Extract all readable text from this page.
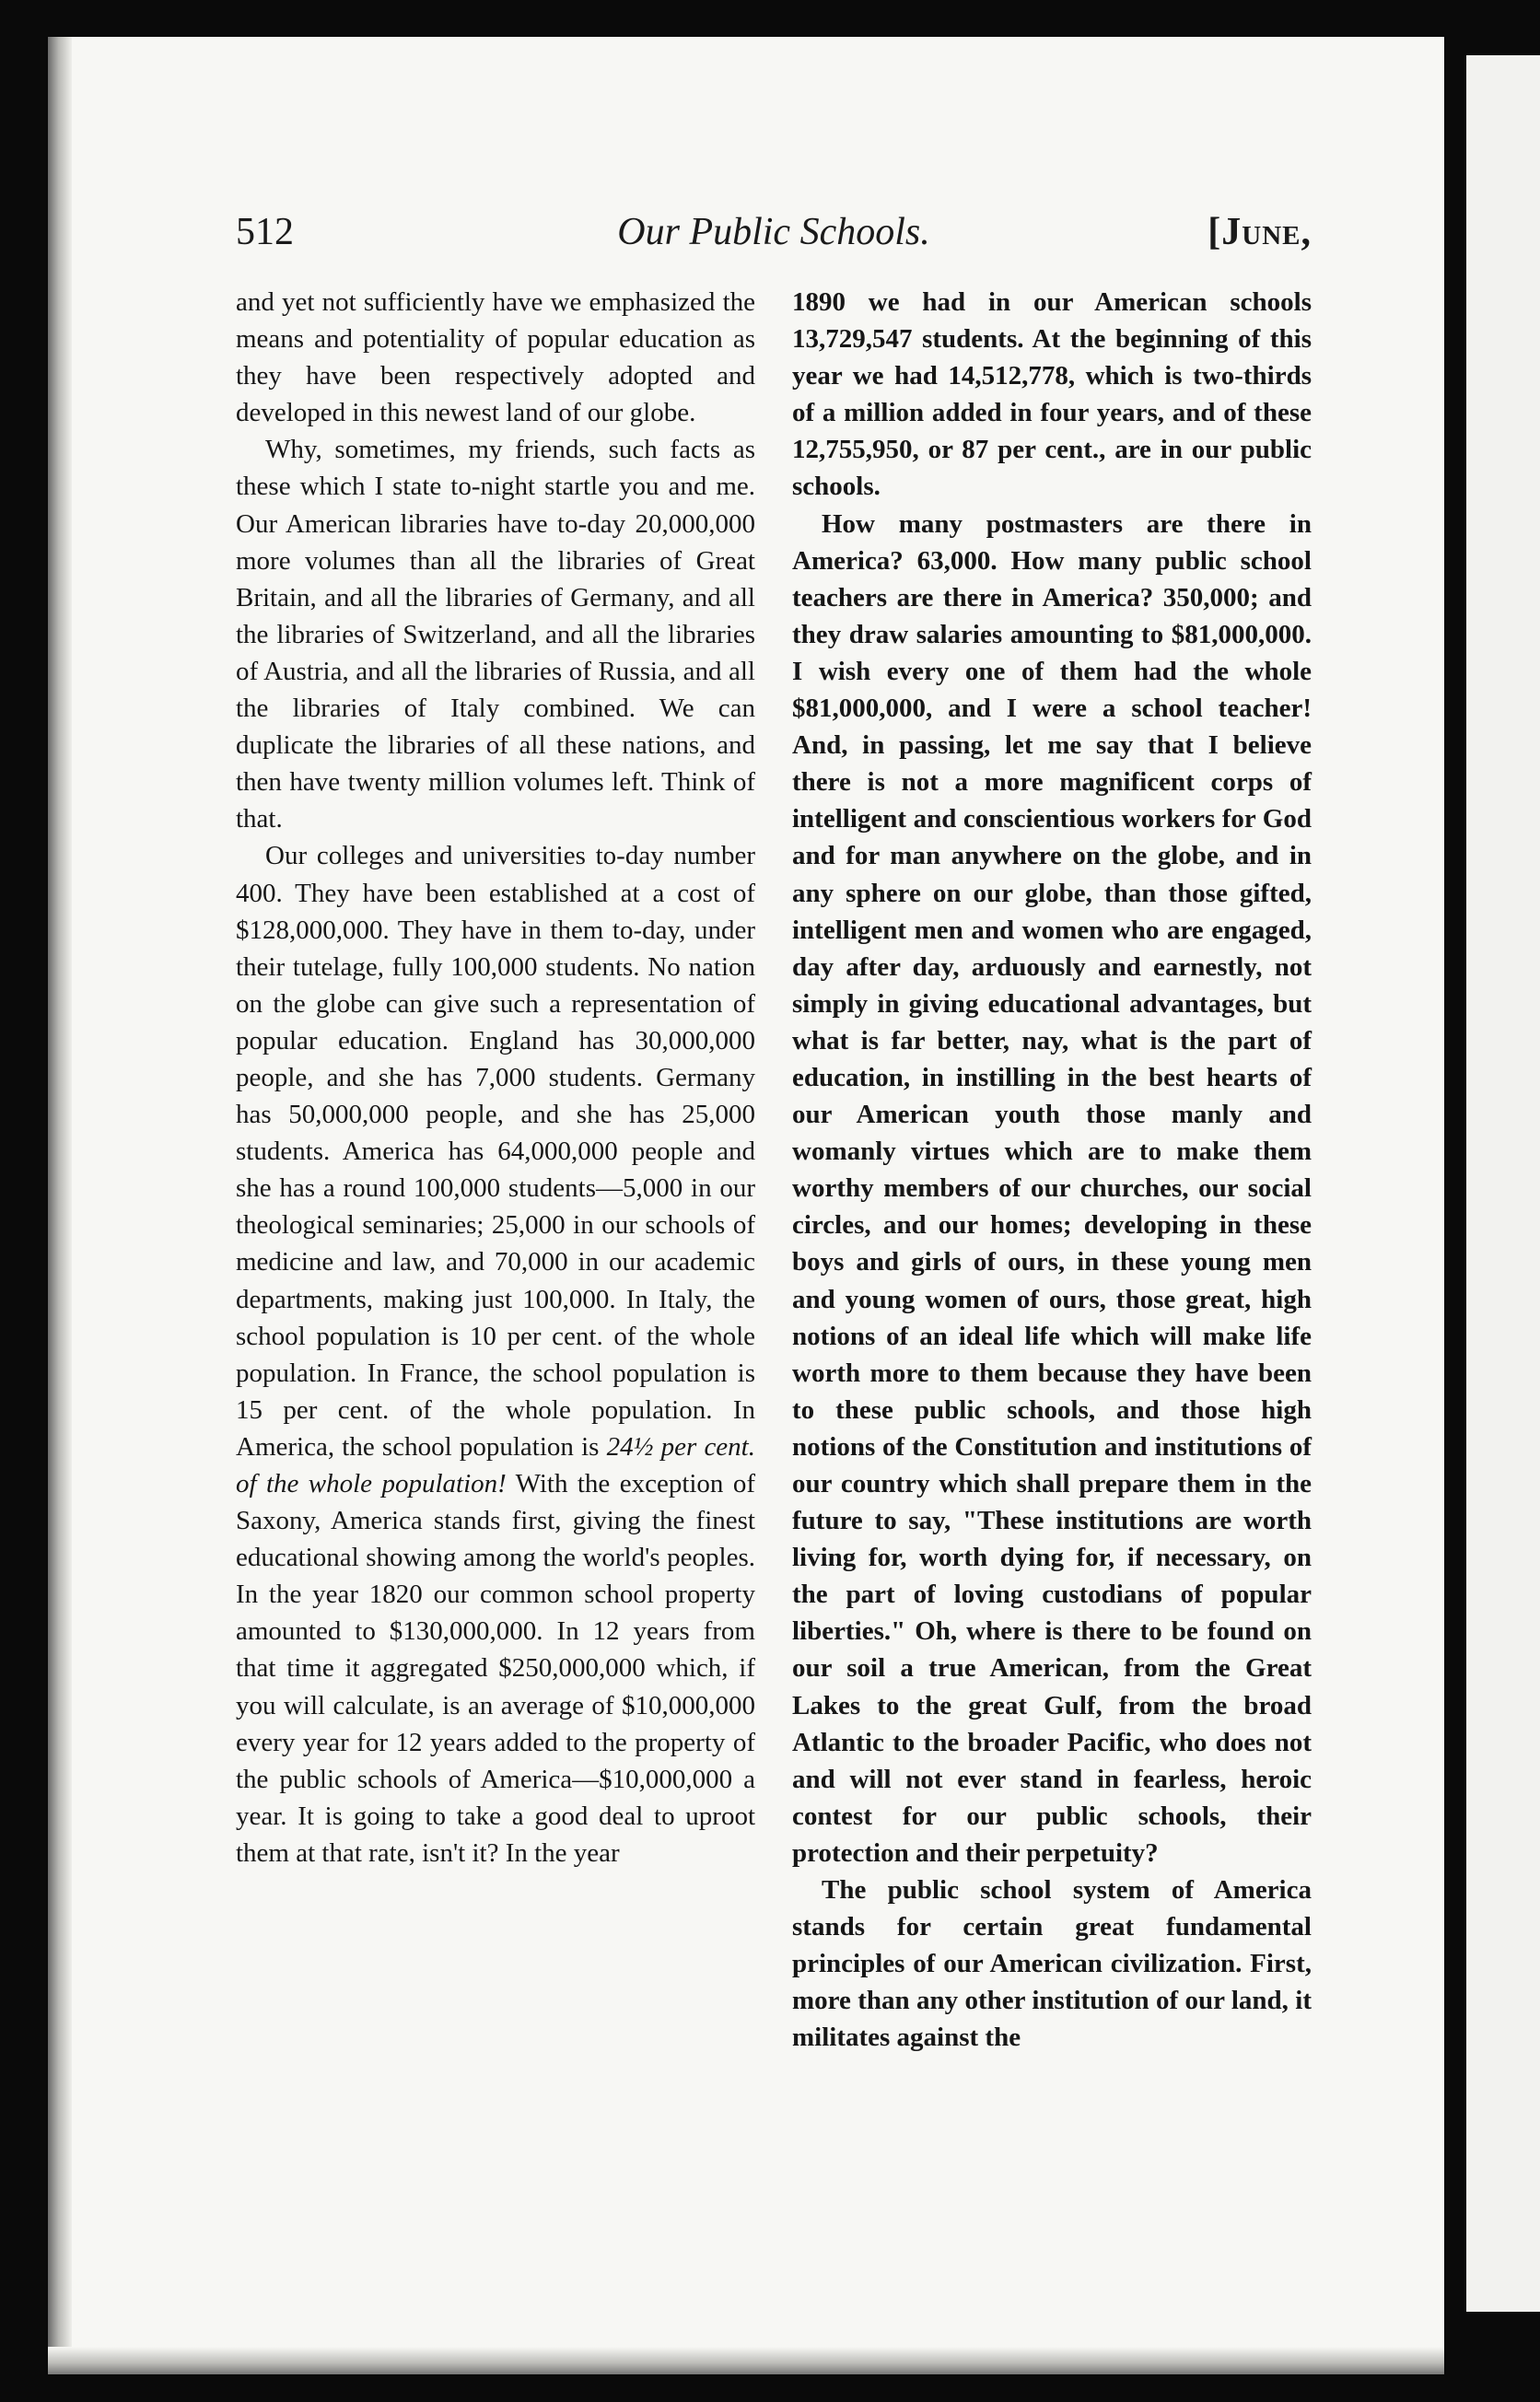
Our Public Schools.
512	[June,

and yet not sufficiently have we emphasized the means and potentiality of popular education as they have been respectively adopted and developed in this newest land of our globe.

Why, sometimes, my friends, such facts as these which I state to-night startle you and me. Our American libraries have to-day 20,000,000 more volumes than all the libraries of Great Britain, and all the libraries of Germany, and all the libraries of Switzerland, and all the libraries of Austria, and all the libraries of Russia, and all the libraries of Italy combined. We can duplicate the libraries of all these nations, and then have twenty million volumes left. Think of that.

Our colleges and universities to-day number 400. They have been established at a cost of $128,000,000. They have in them to-day, under their tutelage, fully 100,000 students. No nation on the globe can give such a representation of popular education. England has 30,000,000 people, and she has 7,000 students. Germany has 50,000,000 people, and she has 25,000 students. America has 64,000,000 people and she has a round 100,000 students—5,000 in our theological seminaries; 25,000 in our schools of medicine and law, and 70,000 in our academic departments, making just 100,000. In Italy, the school population is 10 per cent. of the whole population. In France, the school population is 15 per cent. of the whole population. In America, the school population is 24½ per cent. of the whole population! With the exception of Saxony, America stands first, giving the finest educational showing among the world's peoples. In the year 1820 our common school property amounted to $130,000,000. In 12 years from that time it aggregated $250,000,000 which, if you will calculate, is an average of $10,000,000 every year for 12 years added to the property of the public schools of America—$10,000,000 a year. It is going to take a good deal to uproot them at that rate, isn't it? In the year

1890 we had in our American schools 13,729,547 students. At the beginning of this year we had 14,512,778, which is two-thirds of a million added in four years, and of these 12,755,950, or 87 per cent., are in our public schools.

How many postmasters are there in America? 63,000. How many public school teachers are there in America? 350,000; and they draw salaries amounting to $81,000,000. I wish every one of them had the whole $81,000,000, and I were a school teacher! And, in passing, let me say that I believe there is not a more magnificent corps of intelligent and conscientious workers for God and for man anywhere on the globe, and in any sphere on our globe, than those gifted, intelligent men and women who are engaged, day after day, arduously and earnestly, not simply in giving educational advantages, but what is far better, nay, what is the part of education, in instilling in the best hearts of our American youth those manly and womanly virtues which are to make them worthy members of our churches, our social circles, and our homes; developing in these boys and girls of ours, in these young men and young women of ours, those great, high notions of an ideal life which will make life worth more to them because they have been to these public schools, and those high notions of the Constitution and institutions of our country which shall prepare them in the future to say, "These institutions are worth living for, worth dying for, if necessary, on the part of loving custodians of popular liberties." Oh, where is there to be found on our soil a true American, from the Great Lakes to the great Gulf, from the broad Atlantic to the broader Pacific, who does not and will not ever stand in fearless, heroic contest for our public schools, their protection and their perpetuity?

The public school system of America stands for certain great fundamental principles of our American civilization. First, more than any other institution of our land, it militates against the
